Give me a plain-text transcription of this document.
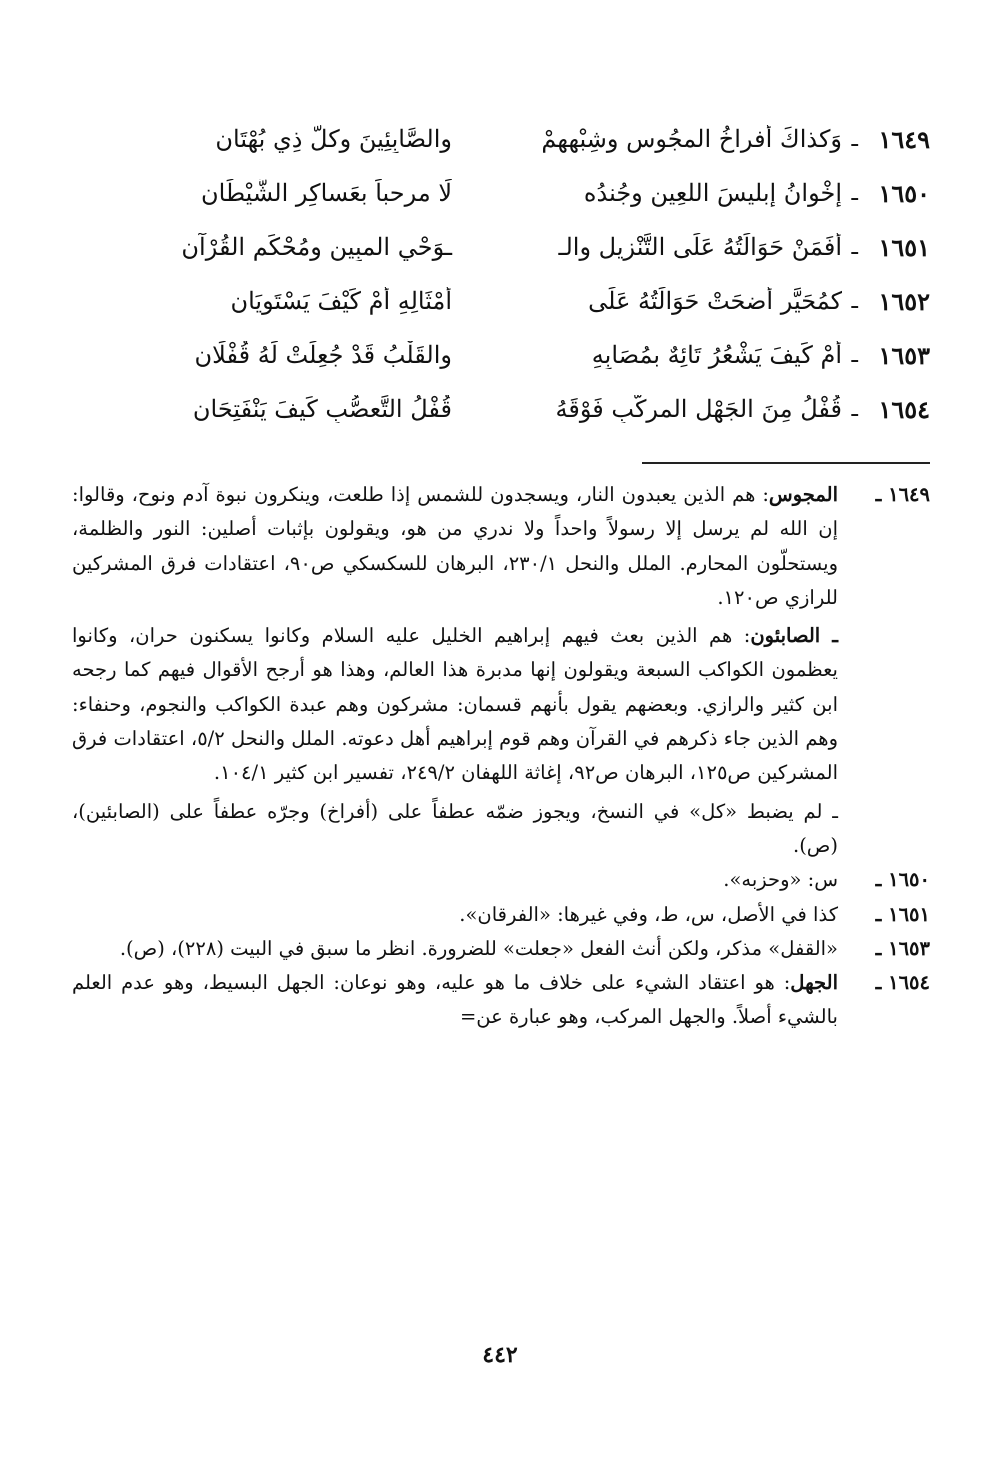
١٦٤٩
ـ
وَكذاكَ أَفراخُ المجُوسِ وشِبْهِهِمْ
والصَّابِئِينَ وكلُّ ذِي بُهْتَانِ
١٦٥٠
ـ
إخْوانُ إبليسَ اللعِينِ وجُندُه
لَا مرحباً بعَساكِرِ الشَّيْطَانِ
١٦٥١
ـ
أَفَمَنْ حَوَالَتُهُ عَلَى التَّنْزِيلِ والـ
ـوَحْيِ المبِينِ ومُحْكَمِ القُرْآنِ
١٦٥٢
ـ
كمُحَيَّرٍ أضحَتْ حَوَالَتُهُ عَلَى
أَمْثَالِهِ أمْ كَيْفَ يَسْتَوِيَانِ
١٦٥٣
ـ
أمْ كَيفَ يَشْعُرُ تَائِهٌ بمُصَابِهِ
والقَلْبُ قَدْ جُعِلَتْ لَهُ قُفْلَانِ
١٦٥٤
ـ
قُفْلُ مِنَ الجَهْلِ المركَّبِ فَوْقَهُ
قُفْلُ التَّعصُّبِ كَيفَ يَنْفَتِحَانِ
١٦٤٩ ـ

المجوس: هم الذين يعبدون النار، ويسجدون للشمس إذا طلعت، وينكرون نبوة آدم ونوح، وقالوا: إن الله لم يرسل إلا رسولاً واحداً ولا ندري من هو، ويقولون بإثبات أصلين: النور والظلمة، ويستحلّون المحارم. الملل والنحل ٢٣٠/١، البرهان للسكسكي ص٩٠، اعتقادات فرق المشركين للرازي ص١٢٠.

ـ الصابئون: هم الذين بعث فيهم إبراهيم الخليل عليه السلام وكانوا يسكنون حران، وكانوا يعظمون الكواكب السبعة ويقولون إنها مدبرة هذا العالم، وهذا هو أرجح الأقوال فيهم كما رجحه ابن كثير والرازي. وبعضهم يقول بأنهم قسمان: مشركون وهم عبدة الكواكب والنجوم، وحنفاء: وهم الذين جاء ذكرهم في القرآن وهم قوم إبراهيم أهل دعوته. الملل والنحل ٥/٢، اعتقادات فرق المشركين ص١٢٥، البرهان ص٩٢، إغاثة اللهفان ٢٤٩/٢، تفسير ابن كثير ١٠٤/١.

ـ لم يضبط «كل» في النسخ، ويجوز ضمّه عطفاً على (أفراخ) وجرّه عطفاً على (الصابئين)، (ص).

١٦٥٠ ـ
س: «وحزبه».
١٦٥١ ـ
كذا في الأصل، س، ط، وفي غيرها: «الفرقان».
١٦٥٣ ـ
«القفل» مذكر، ولكن أنث الفعل «جعلت» للضرورة. انظر ما سبق في البيت (٢٢٨)، (ص).
١٦٥٤ ـ
الجهل: هو اعتقاد الشيء على خلاف ما هو عليه، وهو نوعان: الجهل البسيط، وهو عدم العلم بالشيء أصلاً. والجهل المركب، وهو عبارة عن=
٤٤٢
